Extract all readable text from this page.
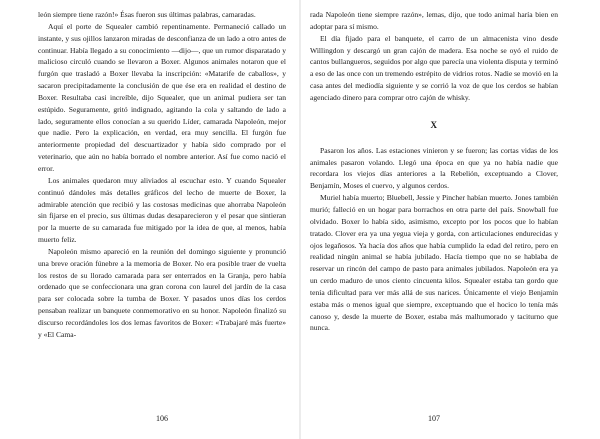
león siempre tiene razón!» Ésas fueron sus últimas palabras, camaradas.

Aquí el porte de Squealer cambió repentinamente. Permaneció callado un instante, y sus ojillos lanzaron miradas de desconfianza de un lado a otro antes de continuar. Había llegado a su conocimiento —dijo—, que un rumor disparatado y malicioso circuló cuando se llevaron a Boxer. Algunos animales notaron que el furgón que trasladó a Boxer llevaba la inscripción: «Matarife de caballos», y sacaron precipitadamente la conclusión de que ése era en realidad el destino de Boxer. Resultaba casi increíble, dijo Squealer, que un animal pudiera ser tan estúpido. Seguramente, gritó indignado, agitando la cola y saltando de lado a lado, seguramente ellos conocían a su querido Líder, camarada Napoleón, mejor que nadie. Pero la explicación, en verdad, era muy sencilla. El furgón fue anteriormente propiedad del descuartizador y había sido comprado por el veterinario, que aún no había borrado el nombre anterior. Así fue como nació el error.

Los animales quedaron muy aliviados al escuchar esto. Y cuando Squealer continuó dándoles más detalles gráficos del lecho de muerte de Boxer, la admirable atención que recibió y las costosas medicinas que ahorraba Napoleón sin fijarse en el precio, sus últimas dudas desaparecieron y el pesar que sintieran por la muerte de su camarada fue mitigado por la idea de que, al menos, había muerto feliz.

Napoleón mismo apareció en la reunión del domingo siguiente y pronunció una breve oración fúnebre a la memoria de Boxer. No era posible traer de vuelta los restos de su llorado camarada para ser enterrados en la Granja, pero había ordenado que se confeccionara una gran corona con laurel del jardín de la casa para ser colocada sobre la tumba de Boxer. Y pasados unos días los cerdos pensaban realizar un banquete conmemorativo en su honor. Napoleón finalizó su discurso recordándoles los dos lemas favoritos de Boxer: «Trabajaré más fuerte» y «El Cama-

106

rada Napoleón tiene siempre razón», lemas, dijo, que todo animal haría bien en adoptar para sí mismo.

El día fijado para el banquete, el carro de un almacenista vino desde Willingdon y descargó un gran cajón de madera. Esa noche se oyó el ruido de cantos bullangueros, seguidos por algo que parecía una violenta disputa y terminó a eso de las once con un tremendo estrépito de vidrios rotos. Nadie se movió en la casa antes del mediodía siguiente y se corrió la voz de que los cerdos se habían agenciado dinero para comprar otro cajón de whisky.

X

Pasaron los años. Las estaciones vinieron y se fueron; las cortas vidas de los animales pasaron volando. Llegó una época en que ya no había nadie que recordara los viejos días anteriores a la Rebelión, exceptuando a Clover, Benjamín, Moses el cuervo, y algunos cerdos.

Muriel había muerto; Bluebell, Jessie y Pincher habían muerto. Jones también murió; falleció en un hogar para borrachos en otra parte del país. Snowball fue olvidado. Boxer lo había sido, asimismo, excepto por los pocos que lo habían tratado. Clover era ya una yegua vieja y gorda, con articulaciones endurecidas y ojos legañosos. Ya hacía dos años que había cumplido la edad del retiro, pero en realidad ningún animal se había jubilado. Hacía tiempo que no se hablaba de reservar un rincón del campo de pasto para animales jubilados. Napoleón era ya un cerdo maduro de unos ciento cincuenta kilos. Squealer estaba tan gordo que tenía dificultad para ver más allá de sus narices. Únicamente el viejo Benjamín estaba más o menos igual que siempre, exceptuando que el hocico lo tenía más canoso y, desde la muerte de Boxer, estaba más malhumorado y taciturno que nunca.

107
